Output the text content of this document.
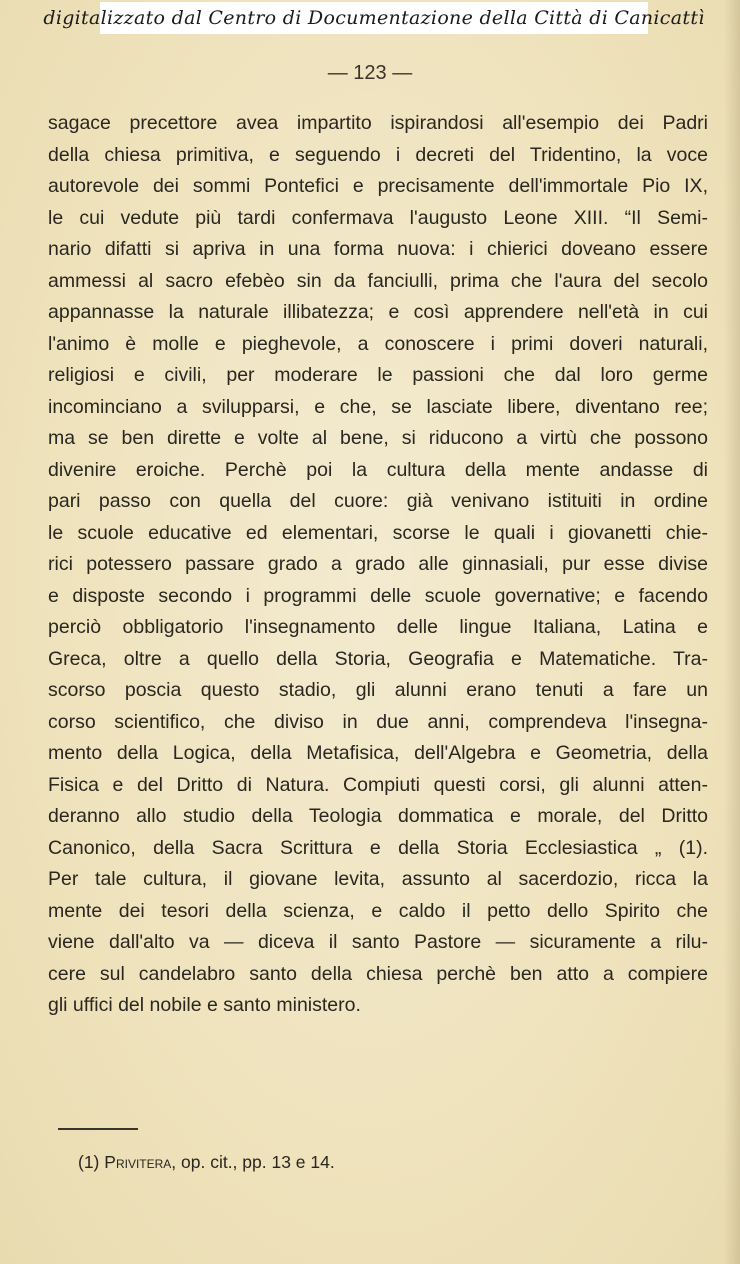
digitalizzato dal Centro di Documentazione della Città di Canicattì
— 123 —
sagace precettore avea impartito ispirandosi all'esempio dei Padri
della chiesa primitiva, e seguendo i decreti del Tridentino, la voce
autorevole dei sommi Pontefici e precisamente dell'immortale Pio IX,
le cui vedute più tardi confermava l'augusto Leone XIII. “Il Semi-
nario difatti si apriva in una forma nuova: i chierici doveano essere
ammessi al sacro efebèo sin da fanciulli, prima che l'aura del secolo
appannasse la naturale illibatezza; e così apprendere nell'età in cui
l'animo è molle e pieghevole, a conoscere i primi doveri naturali,
religiosi e civili, per moderare le passioni che dal loro germe
incominciano a svilupparsi, e che, se lasciate libere, diventano ree;
ma se ben dirette e volte al bene, si riducono a virtù che possono
divenire eroiche. Perchè poi la cultura della mente andasse di
pari passo con quella del cuore: già venivano istituiti in ordine
le scuole educative ed elementari, scorse le quali i giovanetti chie-
rici potessero passare grado a grado alle ginnasiali, pur esse divise
e disposte secondo i programmi delle scuole governative; e facendo
perciò obbligatorio l'insegnamento delle lingue Italiana, Latina e
Greca, oltre a quello della Storia, Geografia e Matematiche. Tra-
scorso poscia questo stadio, gli alunni erano tenuti a fare un
corso scientifico, che diviso in due anni, comprendeva l'insegna-
mento della Logica, della Metafisica, dell'Algebra e Geometria, della
Fisica e del Dritto di Natura. Compiuti questi corsi, gli alunni atten-
deranno allo studio della Teologia dommatica e morale, del Dritto
Canonico, della Sacra Scrittura e della Storia Ecclesiastica „ (1).
Per tale cultura, il giovane levita, assunto al sacerdozio, ricca la
mente dei tesori della scienza, e caldo il petto dello Spirito che
viene dall'alto va — diceva il santo Pastore — sicuramente a rilu-
cere sul candelabro santo della chiesa perchè ben atto a compiere
gli uffici del nobile e santo ministero.
(1) Privitera, op. cit., pp. 13 e 14.
